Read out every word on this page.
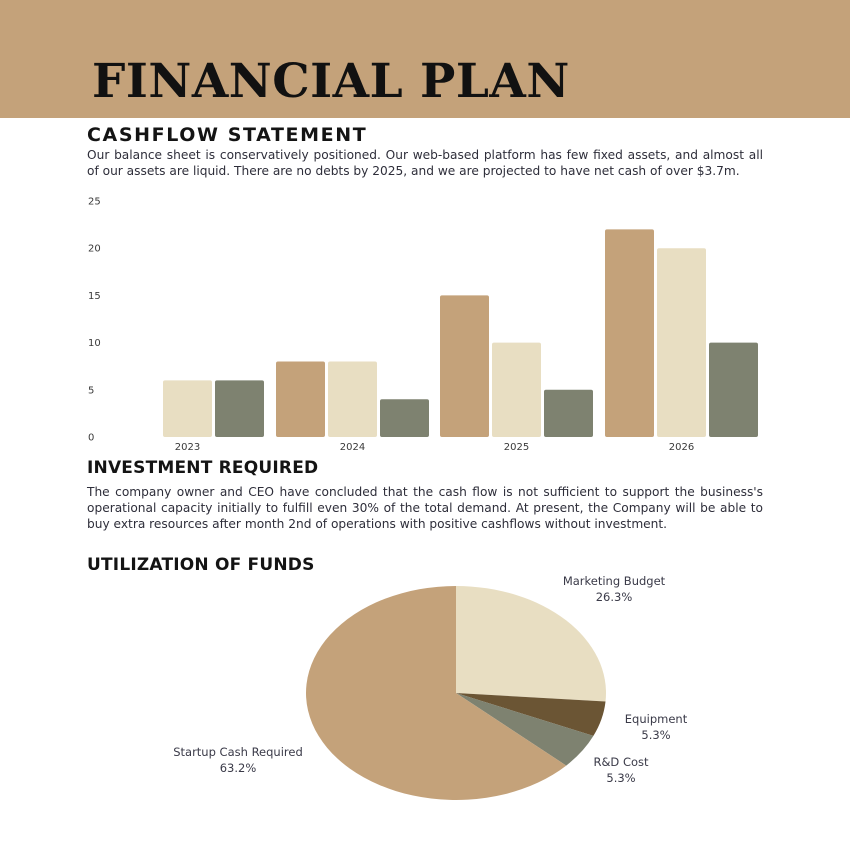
FINANCIAL PLAN
CASHFLOW STATEMENT
Our balance sheet is conservatively positioned. Our web-based platform has few fixed assets, and almost all of our assets are liquid. There are no debts by 2025, and we are projected to have net cash of over $3.7m.
0
5
10
15
20
25
2023	2024	2025	2026
INVESTMENT REQUIRED
The company owner and CEO have concluded that the cash flow is not sufficient to support the business's operational capacity initially to fulfill even 30% of the total demand. At present, the Company will be able to buy extra resources after month 2nd of operations with positive cashflows without investment.
UTILIZATION OF FUNDS
Marketing Budget
26.3%
Equipment
5.3%
R&D Cost
5.3%
Startup Cash Required
63.2%
